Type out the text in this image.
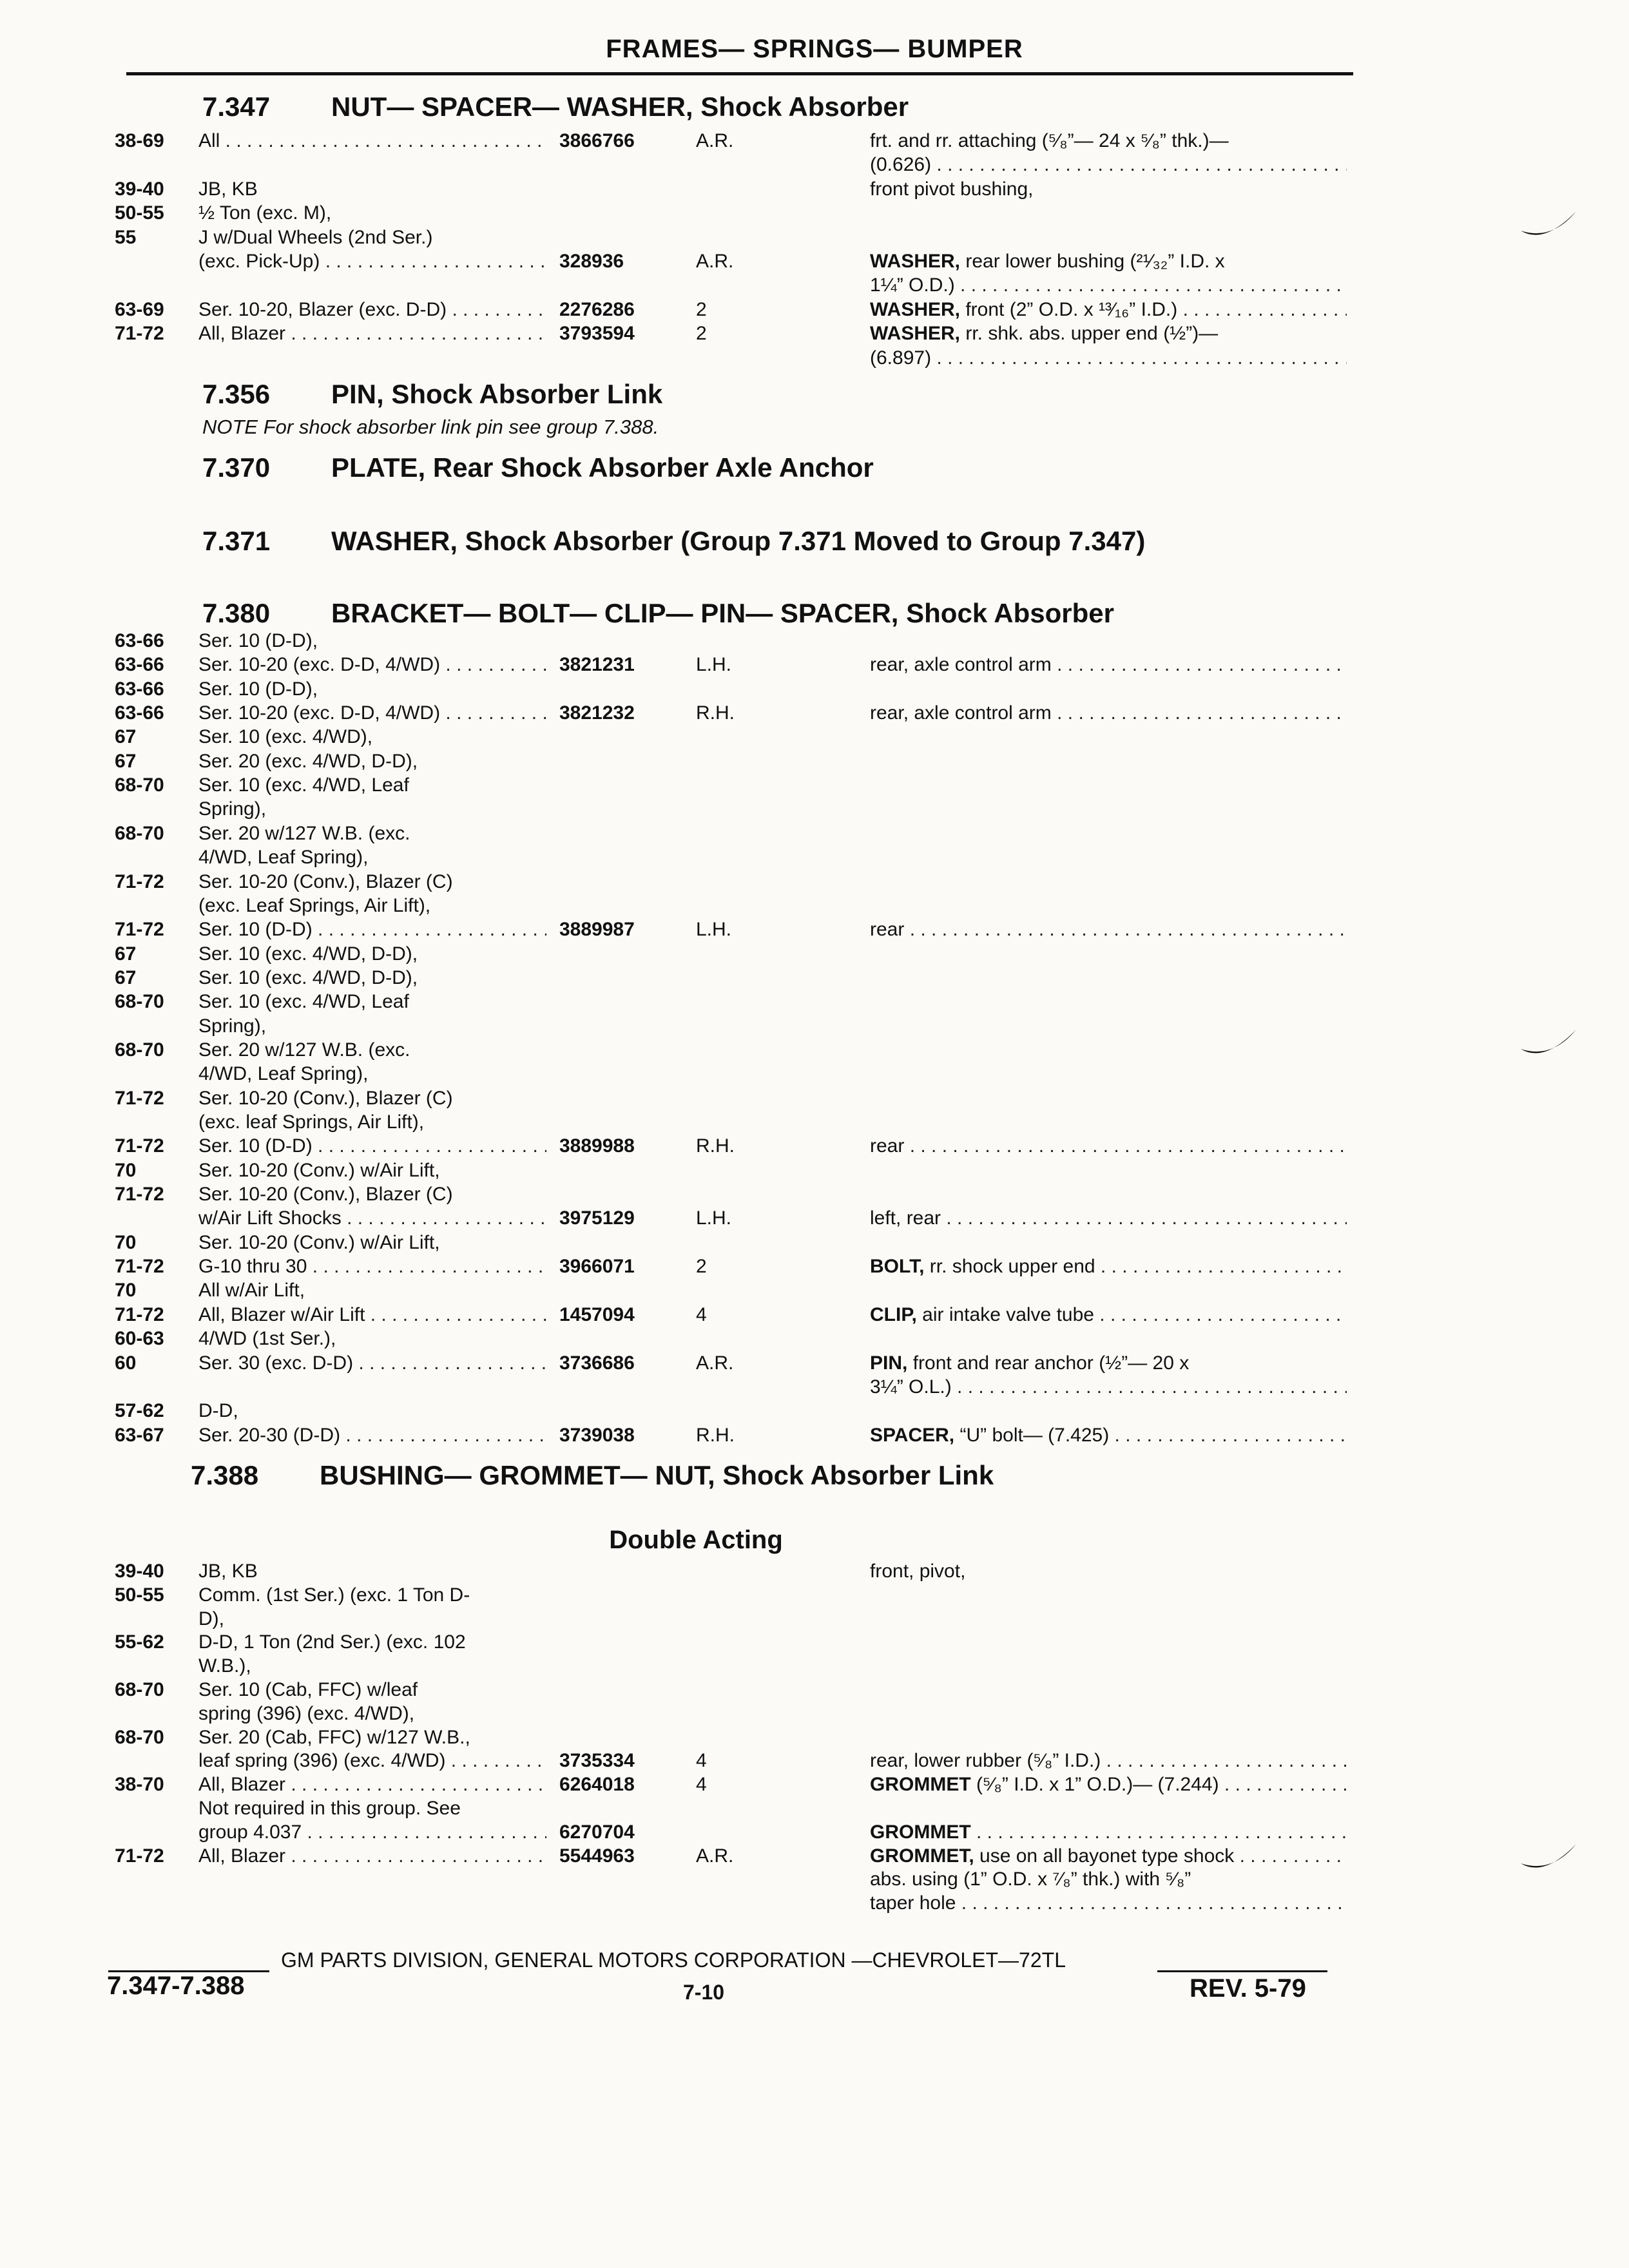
FRAMES— SPRINGS— BUMPER
7.347 NUT— SPACER— WASHER, Shock Absorber
38-69 All . . .	3866766	A.R.	frt. and rr. attaching (⁵⁄₈”— 24 x ⁵⁄₈” thk.)—
(0.626) . . .
39-40 JB, KB	front pivot bushing,
50-55 ½ Ton (exc. M),
55	J w/Dual Wheels (2nd Ser.)
(exc. Pick-Up) . . .	328936	A.R.	WASHER, rear lower bushing (²¹⁄₃₂” I.D. x
1¼” O.D.) . . .
63-69 Ser. 10-20, Blazer (exc. D-D) . . .	2276286	2	WASHER, front (2” O.D. x ¹³⁄₁₆” I.D.) . . .
71-72 All, Blazer . . .	3793594	2	WASHER, rr. shk. abs. upper end (½”)—
(6.897) . . .
7.356 PIN, Shock Absorber Link
NOTE For shock absorber link pin see group 7.388.
7.370 PLATE, Rear Shock Absorber Axle Anchor
7.371 WASHER, Shock Absorber (Group 7.371 Moved to Group 7.347)
7.380 BRACKET— BOLT— CLIP— PIN— SPACER, Shock Absorber
63-66 Ser. 10 (D-D),
63-66 Ser. 10-20 (exc. D-D, 4/WD) . . .	3821231	L.H.	rear, axle control arm . . .
63-66 Ser. 10 (D-D),
63-66 Ser. 10-20 (exc. D-D, 4/WD) . . .	3821232	R.H.	rear, axle control arm . . .
67	Ser. 10 (exc. 4/WD),
67	Ser. 20 (exc. 4/WD, D-D),
68-70 Ser. 10 (exc. 4/WD, Leaf
Spring),
68-70 Ser. 20 w/127 W.B. (exc.
4/WD, Leaf Spring),
71-72 Ser. 10-20 (Conv.), Blazer (C)
(exc. Leaf Springs, Air Lift),
71-72 Ser. 10 (D-D) . . .	3889987	L.H.	rear . . .
67	Ser. 10 (exc. 4/WD, D-D),
67	Ser. 10 (exc. 4/WD, D-D),
68-70 Ser. 10 (exc. 4/WD, Leaf
Spring),
68-70 Ser. 20 w/127 W.B. (exc.
4/WD, Leaf Spring),
71-72 Ser. 10-20 (Conv.), Blazer (C)
(exc. leaf Springs, Air Lift),
71-72 Ser. 10 (D-D) . . .	3889988	R.H.	rear . . .
70	Ser. 10-20 (Conv.) w/Air Lift,
71-72 Ser. 10-20 (Conv.), Blazer (C)
w/Air Lift Shocks . . .	3975129	L.H.	left, rear . . .
70	Ser. 10-20 (Conv.) w/Air Lift,
71-72 G-10 thru 30 . . .	3966071	2	BOLT, rr. shock upper end . . .
70	All w/Air Lift,
71-72 All, Blazer w/Air Lift . . .	1457094	4	CLIP, air intake valve tube . . .
60-63 4/WD (1st Ser.),
60	Ser. 30 (exc. D-D) . . .	3736686	A.R.	PIN, front and rear anchor (½”— 20 x
3¼” O.L.) . . .
57-62 D-D,
63-67 Ser. 20-30 (D-D) . . .	3739038	R.H.	SPACER, “U” bolt— (7.425) . . .
7.388 BUSHING— GROMMET— NUT, Shock Absorber Link
Double Acting
39-40 JB, KB	front, pivot,
50-55 Comm. (1st Ser.) (exc. 1 Ton D-
D),
55-62 D-D, 1 Ton (2nd Ser.) (exc. 102
W.B.),
68-70 Ser. 10 (Cab, FFC) w/leaf
spring (396) (exc. 4/WD),
68-70 Ser. 20 (Cab, FFC) w/127 W.B.,
leaf spring (396) (exc. 4/WD) . . .	3735334	4	rear, lower rubber (⁵⁄₈” I.D.) . . .
38-70 All, Blazer . . .	6264018	4	GROMMET (⁵⁄₈” I.D. x 1” O.D.)— (7.244) . . .
Not required in this group. See
group 4.037 . . .	6270704	GROMMET . . .
71-72 All, Blazer . . .	5544963	A.R.	GROMMET, use on all bayonet type shock . . .
abs. using (1” O.D. x ⁷⁄₈” thk.) with ⁵⁄₈”
taper hole . . .
GM PARTS DIVISION, GENERAL MOTORS CORPORATION —CHEVROLET—72TL
7.347-7.388	7-10	REV. 5-79
